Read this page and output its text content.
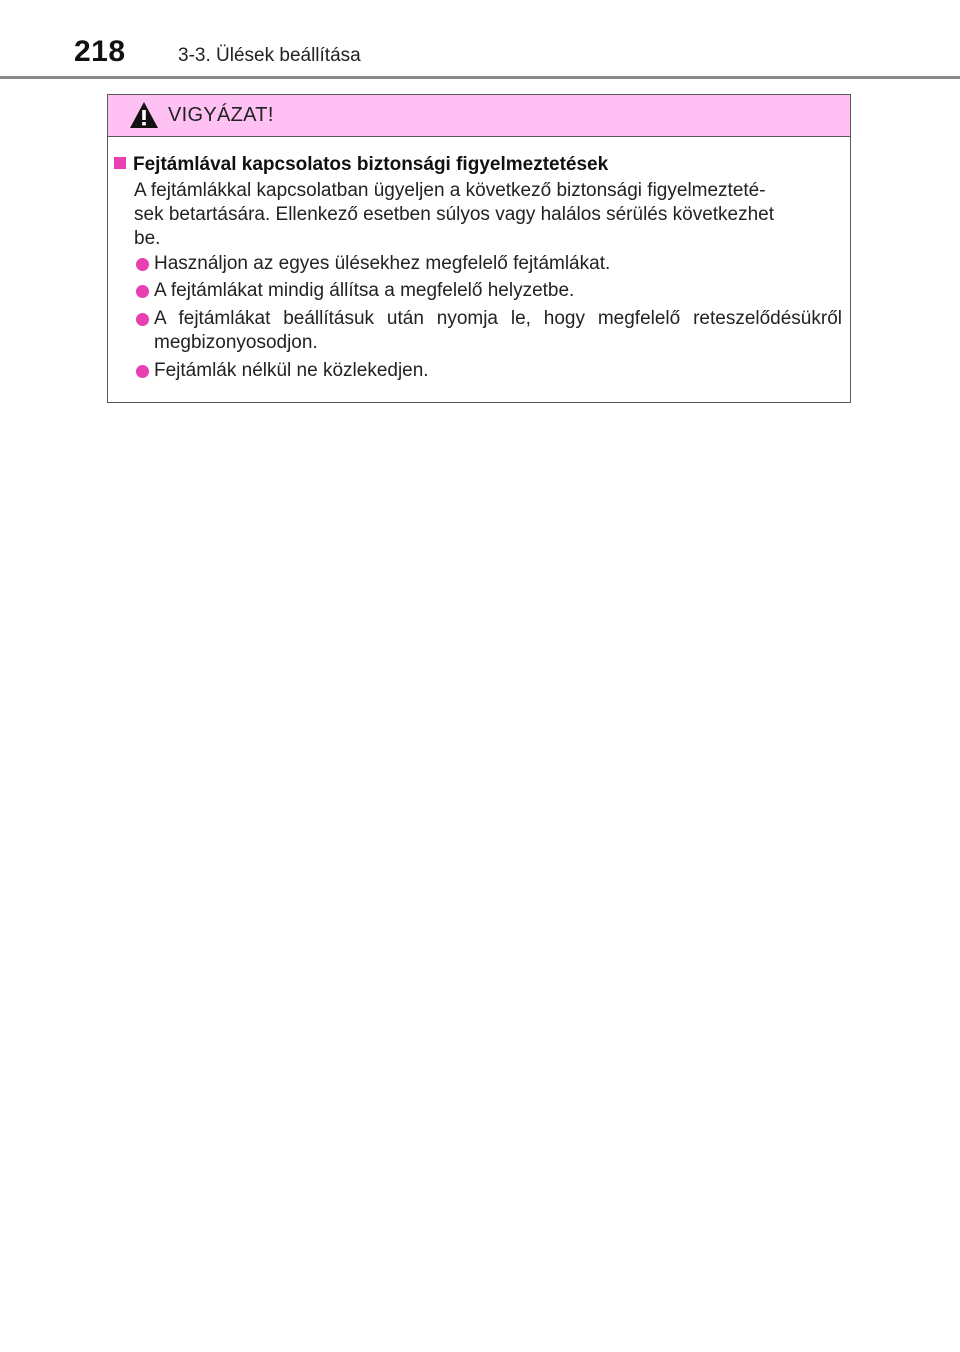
218	3-3. Ülések beállítása
VIGYÁZAT!
Fejtámlával kapcsolatos biztonsági figyelmeztetések
A fejtámlákkal kapcsolatban ügyeljen a következő biztonsági figyelmezteté-
sek betartására. Ellenkező esetben súlyos vagy halálos sérülés következhet
be.
Használjon az egyes ülésekhez megfelelő fejtámlákat.
A fejtámlákat mindig állítsa a megfelelő helyzetbe.
A fejtámlákat beállításuk után nyomja le, hogy megfelelő reteszelődésükről megbizonyosodjon.
Fejtámlák nélkül ne közlekedjen.
